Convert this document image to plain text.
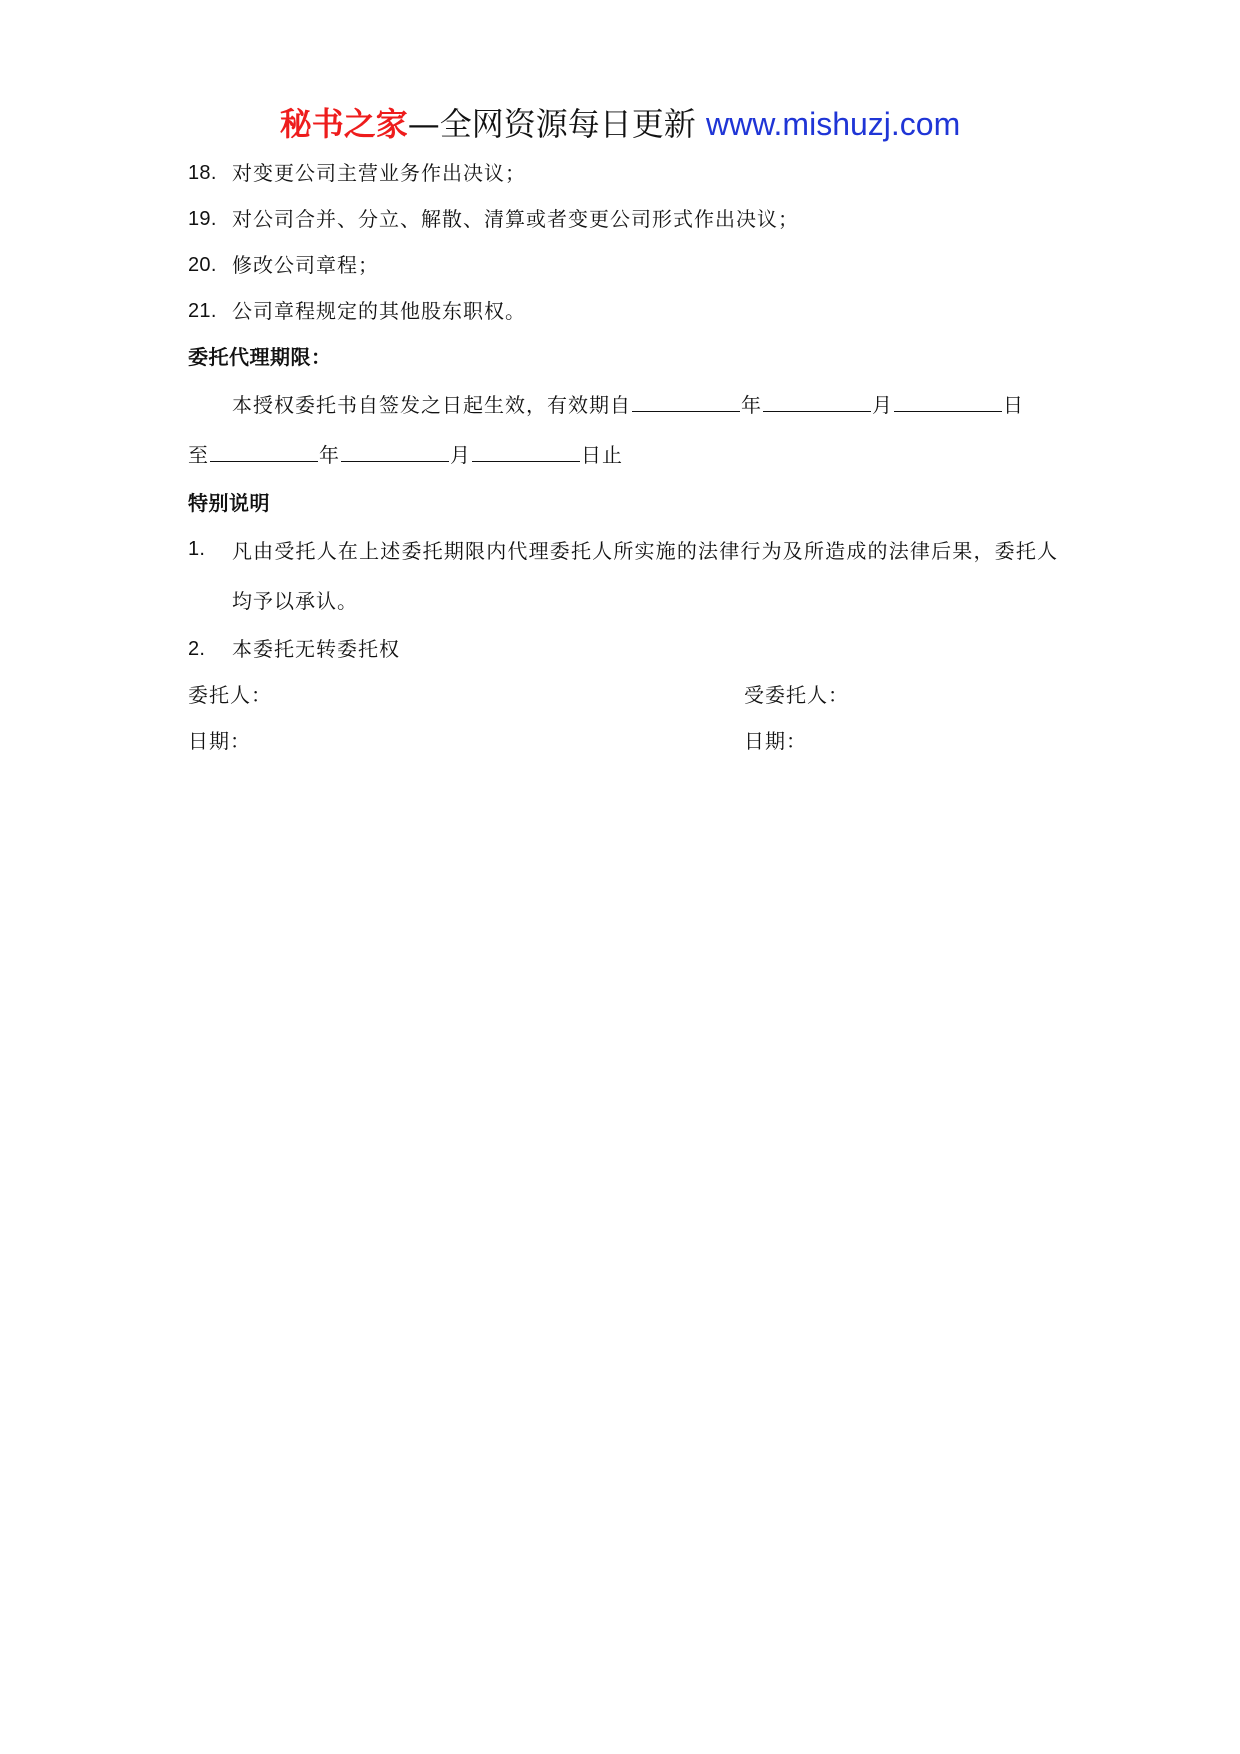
秘书之家—全网资源每日更新 www.mishuzj.com
18. 对变更公司主营业务作出决议；
19. 对公司合并、分立、解散、清算或者变更公司形式作出决议；
20. 修改公司章程；
21. 公司章程规定的其他股东职权。
委托代理期限：
本授权委托书自签发之日起生效，有效期自	年	月	日
至	年	月	日止
特别说明
1.	凡由受托人在上述委托期限内代理委托人所实施的法律行为及所造成的法律后果，委托人均予以承认。
2.	本委托无转委托权
委托人：	受委托人：
日期：	日期：
